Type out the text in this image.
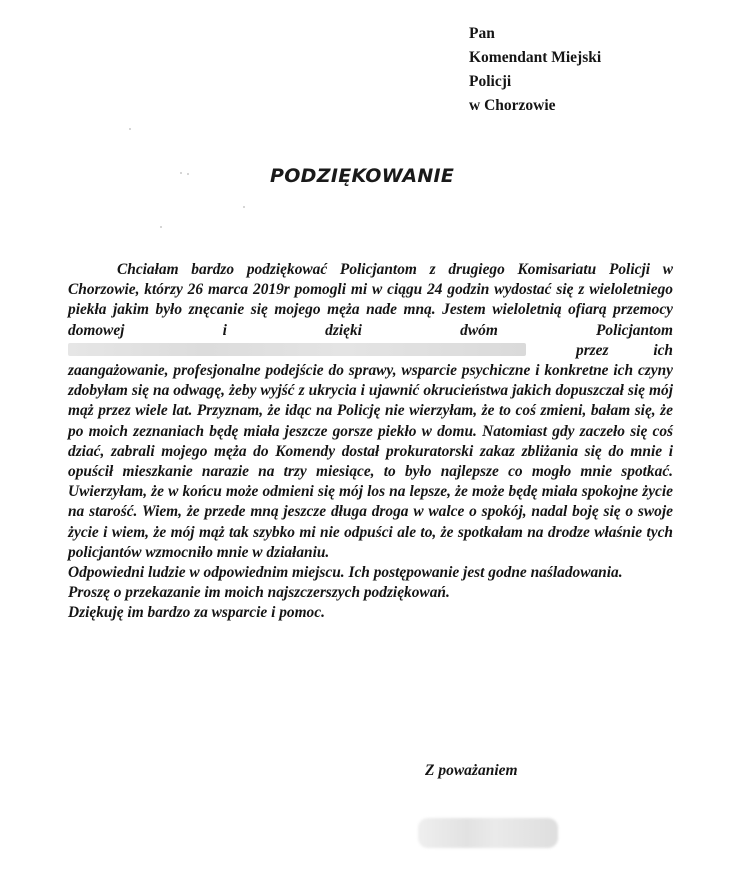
Pan
Komendant Miejski
Policji
w Chorzowie
PODZIĘKOWANIE

Chciałam bardzo podziękować Policjantom z drugiego Komisariatu Policji w Chorzowie, którzy 26 marca 2019r pomogli mi w ciągu 24 godzin wydostać się z wieloletniego piekła jakim było znęcanie się mojego męża nade mną. Jestem wieloletnią ofiarą przemocy domowej i dzięki dwóm Policjantom przez ich zaangażowanie, profesjonalne podejście do sprawy, wsparcie psychiczne i konkretne ich czyny zdobyłam się na odwagę, żeby wyjść z ukrycia i ujawnić okrucieństwa jakich dopuszczał się mój mąż przez wiele lat. Przyznam, że idąc na Policję nie wierzyłam, że to coś zmieni, bałam się, że po moich zeznaniach będę miała jeszcze gorsze piekło w domu. Natomiast gdy zaczeło się coś dziać, zabrali mojego męża do Komendy dostał prokuratorski zakaz zbliżania się do mnie i opuścił mieszkanie narazie na trzy miesiące, to było najlepsze co mogło mnie spotkać. Uwierzyłam, że w końcu może odmieni się mój los na lepsze, że może będę miała spokojne życie na starość. Wiem, że przede mną jeszcze długa droga w walce o spokój, nadal boję się o swoje życie i wiem, że mój mąż tak szybko mi nie odpuści ale to, że spotkałam na drodze właśnie tych policjantów wzmocniło mnie w działaniu.

Odpowiedni ludzie w odpowiednim miejscu. Ich postępowanie jest godne naśladowania.

Proszę o przekazanie im moich najszczerszych podziękowań.

Dziękuję im bardzo za wsparcie i pomoc.

Z poważaniem
